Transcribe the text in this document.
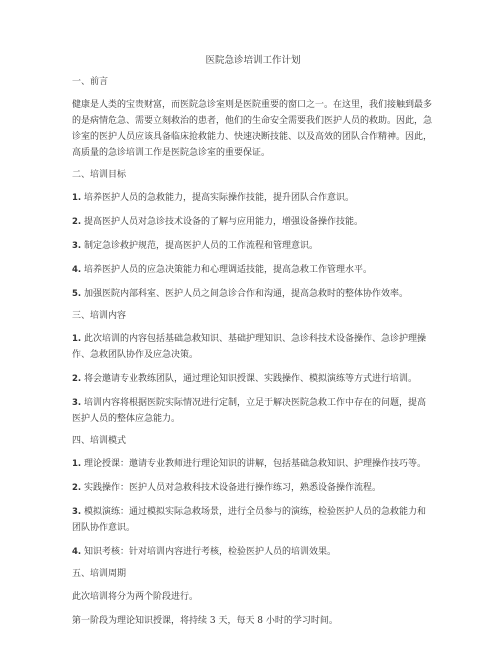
医院急诊培训工作计划
一、前言
健康是人类的宝贵财富，而医院急诊室则是医院重要的窗口之一。在这里，我们接触到最多的是病情危急、需要立刻救治的患者，他们的生命安全需要我们医护人员的救助。因此，急诊室的医护人员应该具备临床抢救能力、快速决断技能、以及高效的团队合作精神。因此，高质量的急诊培训工作是医院急诊室的重要保证。
二、培训目标
1. 培养医护人员的急救能力，提高实际操作技能，提升团队合作意识。
2. 提高医护人员对急诊技术设备的了解与应用能力，增强设备操作技能。
3. 制定急诊救护规范，提高医护人员的工作流程和管理意识。
4. 培养医护人员的应急决策能力和心理调适技能，提高急救工作管理水平。
5. 加强医院内部科室、医护人员之间急诊合作和沟通，提高急救时的整体协作效率。
三、培训内容
1. 此次培训的内容包括基础急救知识、基础护理知识、急诊科技术设备操作、急诊护理操作、急救团队协作及应急决策。
2. 将会邀请专业教练团队，通过理论知识授课、实践操作、模拟演练等方式进行培训。
3. 培训内容将根据医院实际情况进行定制，立足于解决医院急救工作中存在的问题，提高医护人员的整体应急能力。
四、培训模式
1. 理论授课：邀请专业教师进行理论知识的讲解，包括基础急救知识、护理操作技巧等。
2. 实践操作：医护人员对急救科技术设备进行操作练习，熟悉设备操作流程。
3. 模拟演练：通过模拟实际急救场景，进行全员参与的演练，检验医护人员的急救能力和团队协作意识。
4. 知识考核：针对培训内容进行考核，检验医护人员的培训效果。
五、培训周期
此次培训将分为两个阶段进行。
第一阶段为理论知识授课，将持续 3 天，每天 8 小时的学习时间。
